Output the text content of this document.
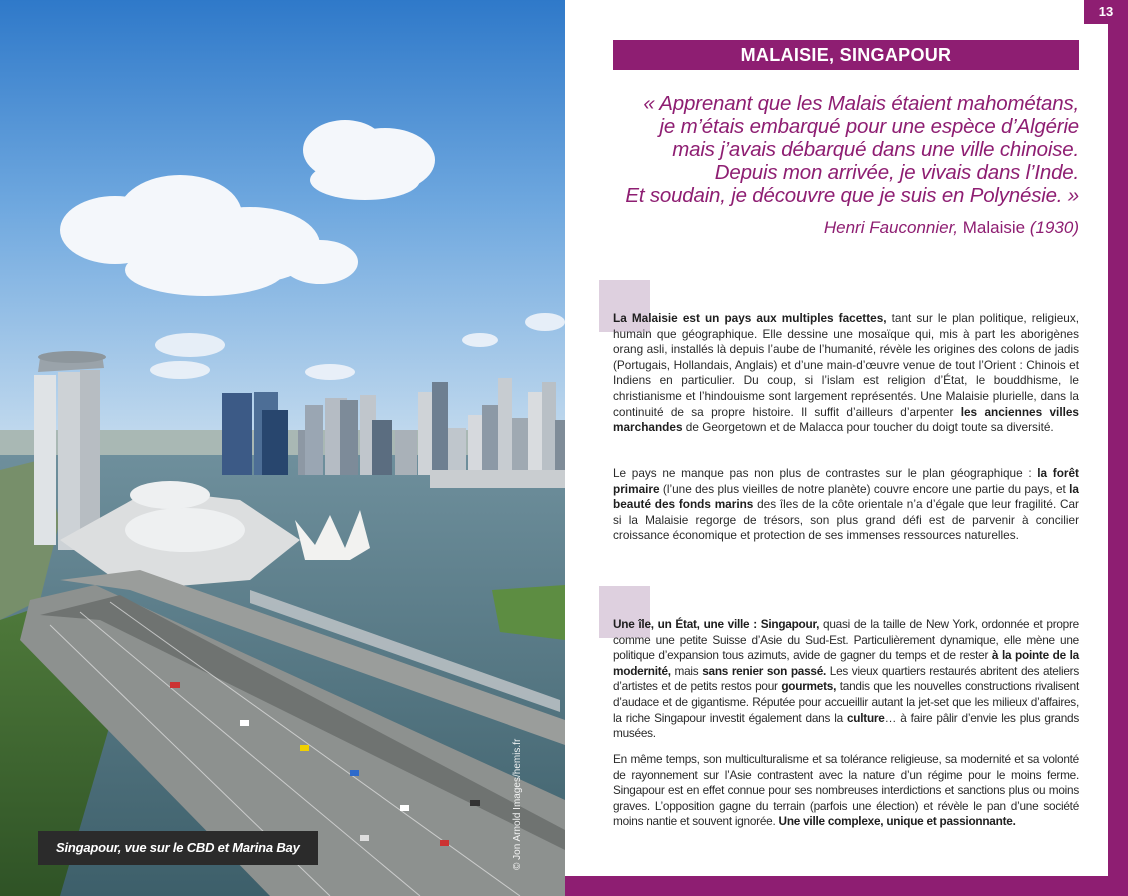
Singapour, vue sur le CBD et Marina Bay	© Jon Arnold Images/hemis.fr
13
MALAISIE, SINGAPOUR
« Apprenant que les Malais étaient mahométans,
je m’étais embarqué pour une espèce d’Algérie
mais j’avais débarqué dans une ville chinoise.
Depuis mon arrivée, je vivais dans l’Inde.
Et soudain, je découvre que je suis en Polynésie. »
Henri Fauconnier, Malaisie (1930)
La Malaisie est un pays aux multiples facettes, tant sur le plan politique, religieux, humain que géographique. Elle dessine une mosaïque qui, mis à part les aborigènes orang asli, installés là depuis l’aube de l’humanité, révèle les origines des colons de jadis (Portugais, Hollandais, Anglais) et d’une main-d’œuvre venue de tout l’Orient : Chinois et Indiens en particulier. Du coup, si l’islam est religion d’État, le bouddhisme, le christianisme et l’hindouisme sont largement représentés. Une Malaisie plurielle, dans la continuité de sa propre histoire. Il suffit d’ailleurs d’arpenter les anciennes villes marchandes de Georgetown et de Malacca pour toucher du doigt toute sa diversité.
Le pays ne manque pas non plus de contrastes sur le plan géographique : la forêt primaire (l’une des plus vieilles de notre planète) couvre encore une partie du pays, et la beauté des fonds marins des îles de la côte orientale n’a d’égale que leur fragilité. Car si la Malaisie regorge de trésors, son plus grand défi est de parvenir à concilier croissance économique et protection de ses immenses ressources naturelles.
Une île, un État, une ville : Singapour, quasi de la taille de New York, ordonnée et propre comme une petite Suisse d’Asie du Sud-Est. Particulièrement dynamique, elle mène une politique d’expansion tous azimuts, avide de gagner du temps et de rester à la pointe de la modernité, mais sans renier son passé. Les vieux quartiers restaurés abritent des ateliers d’artistes et de petits restos pour gourmets, tandis que les nouvelles constructions rivalisent d’audace et de gigantisme. Réputée pour accueillir autant la jet-set que les milieux d’affaires, la riche Singapour investit également dans la culture… à faire pâlir d’envie les plus grands musées.
En même temps, son multiculturalisme et sa tolérance religieuse, sa modernité et sa volonté de rayonnement sur l’Asie contrastent avec la nature d’un régime pour le moins ferme. Singapour est en effet connue pour ses nombreuses interdictions et sanctions plus ou moins graves. L’opposition gagne du terrain (parfois une élection) et révèle le pan d’une société moins nantie et souvent ignorée. Une ville complexe, unique et passionnante.
